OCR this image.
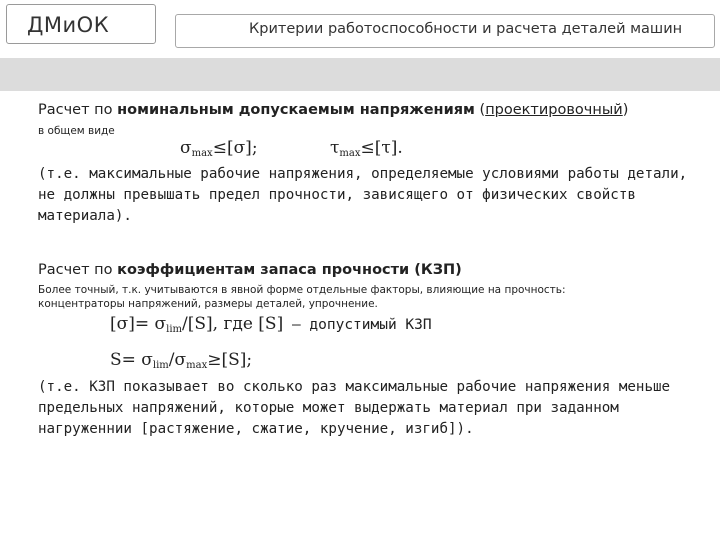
ДМиОК	Критерии работоспособности и расчета деталей машин
Расчет по номинальным допускаемым напряжениям (проектировочный)
в общем виде
$\sigma_{max}\le[\sigma]$;	$\tau_{max}\le[\tau]$.
(т.е. максимальные рабочие напряжения, определяемые условиями работы детали, не должны превышать предел прочности, зависящего от физических свойств материала).
Расчет по коэффициентам запаса прочности (КЗП)
Более точный, т.к. учитываются в явной форме отдельные факторы, влияющие на прочность: концентраторы напряжений, размеры деталей, упрочнение.
$[\sigma]= \sigma_{lim}/[S]$, где [S] – допустимый КЗП
$S= \sigma_{lim}/\sigma_{max}\ge[S]$;
(т.е. КЗП показывает во сколько раз максимальные рабочие напряжения меньше предельных напряжений, которые может выдержать материал при заданном нагруженнии [растяжение, сжатие, кручение, изгиб]).
